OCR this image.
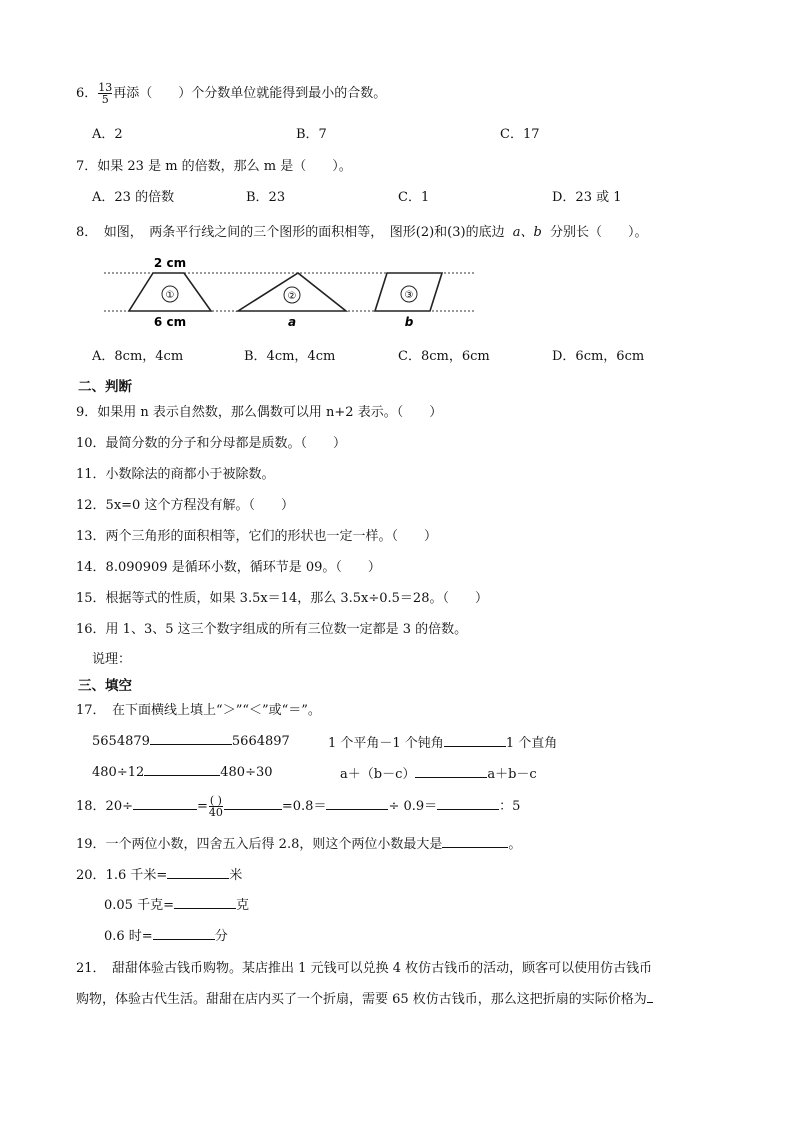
6． $\frac{13}{5}$ 再添（　　）个分数单位就能得到最小的合数。
A．2	B．7	C．17
7．如果 23 是 m 的倍数，那么 m 是（　　）。
A．23 的倍数	B．23	C．1	D．23 或 1
8．　如图，　两条平行线之间的三个图形的面积相等，　图形(2)和(3)的底边 a、b 分别长（　　）。
①
2 cm
6 cm
②
a
③
b
A．8cm，4cm	B．4cm，4cm	C．8cm，6cm	D．6cm，6cm
二、判断
9．如果用 n 表示自然数，那么偶数可以用 n+2 表示。（　　）
10．最简分数的分子和分母都是质数。（　　）
11．小数除法的商都小于被除数。
12．5x=0 这个方程没有解。（　　）
13．两个三角形的面积相等，它们的形状也一定一样。（　　）
14．8.090909 是循环小数，循环节是 09。（　　）
15．根据等式的性质，如果 3.5x＝14，那么 3.5x÷0.5＝28。（　　）
16．用 1、3、5 这三个数字组成的所有三位数一定都是 3 的倍数。
说理：
三、填空
17．　在下面横线上填上“＞”“＜”或“＝”。
5654879	5664897	1 个平角－1 个钝角	1 个直角
480÷12	480÷30	a＋（b－c）	a＋b－c
18．20÷	= $\frac{( )}{40}$	=0.8＝	÷ 0.9＝	：5
19．一个两位小数，四舍五入后得 2.8，则这个两位小数最大是	。
20．1.6 千米=	米
0.05 千克=	克
0.6 时=	分
21．　甜甜体验古钱币购物。某店推出 1 元钱可以兑换 4 枚仿古钱币的活动，顾客可以使用仿古钱币
购物，体验古代生活。甜甜在店内买了一个折扇，需要 65 枚仿古钱币，那么这把折扇的实际价格为
